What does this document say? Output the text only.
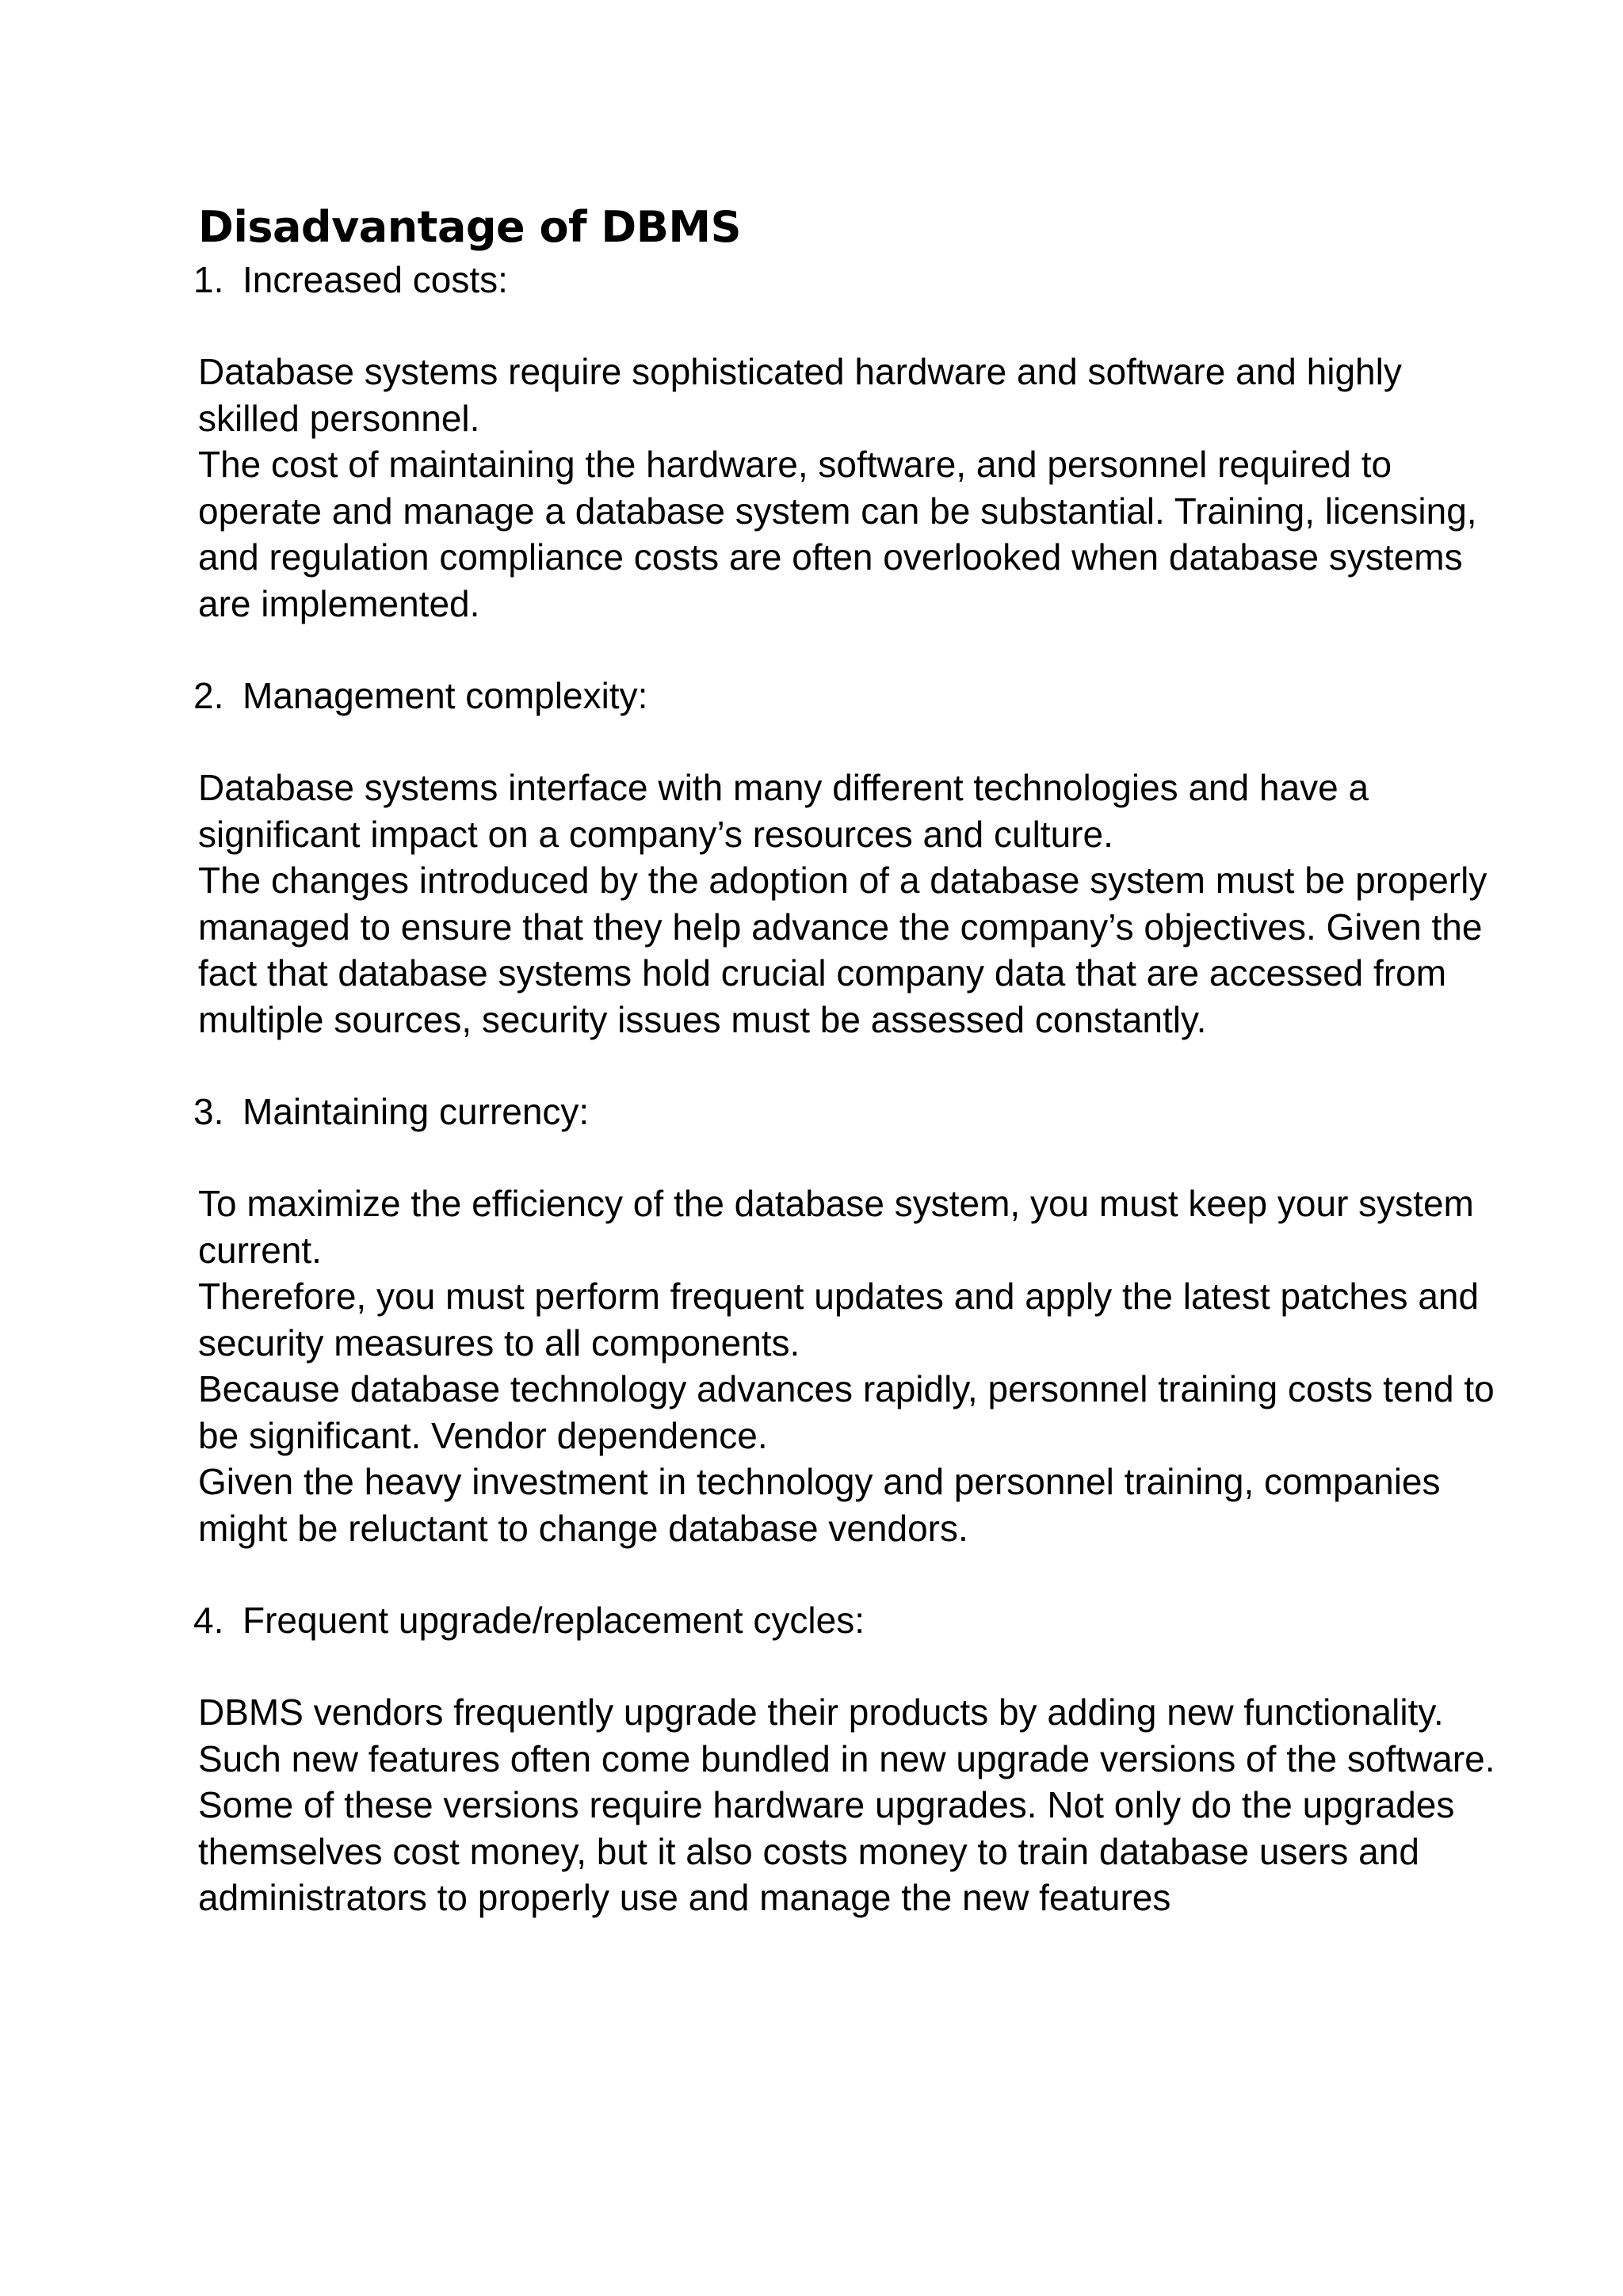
Disadvantage of DBMS

1. Increased costs:

Database systems require sophisticated hardware and software and highly skilled personnel.

The cost of maintaining the hardware, software, and personnel required to operate and manage a database system can be substantial. Training, licensing, and regulation compliance costs are often overlooked when database systems are implemented.

2. Management complexity:

Database systems interface with many different technologies and have a significant impact on a company’s resources and culture.

The changes introduced by the adoption of a database system must be properly managed to ensure that they help advance the company’s objectives. Given the fact that database systems hold crucial company data that are accessed from multiple sources, security issues must be assessed constantly.

3. Maintaining currency:

To maximize the efficiency of the database system, you must keep your system current.

Therefore, you must perform frequent updates and apply the latest patches and security measures to all components.

Because database technology advances rapidly, personnel training costs tend to be significant. Vendor dependence.

Given the heavy investment in technology and personnel training, companies might be reluctant to change database vendors.

4. Frequent upgrade/replacement cycles:

DBMS vendors frequently upgrade their products by adding new functionality. Such new features often come bundled in new upgrade versions of the software.

Some of these versions require hardware upgrades. Not only do the upgrades themselves cost money, but it also costs money to train database users and administrators to properly use and manage the new features
